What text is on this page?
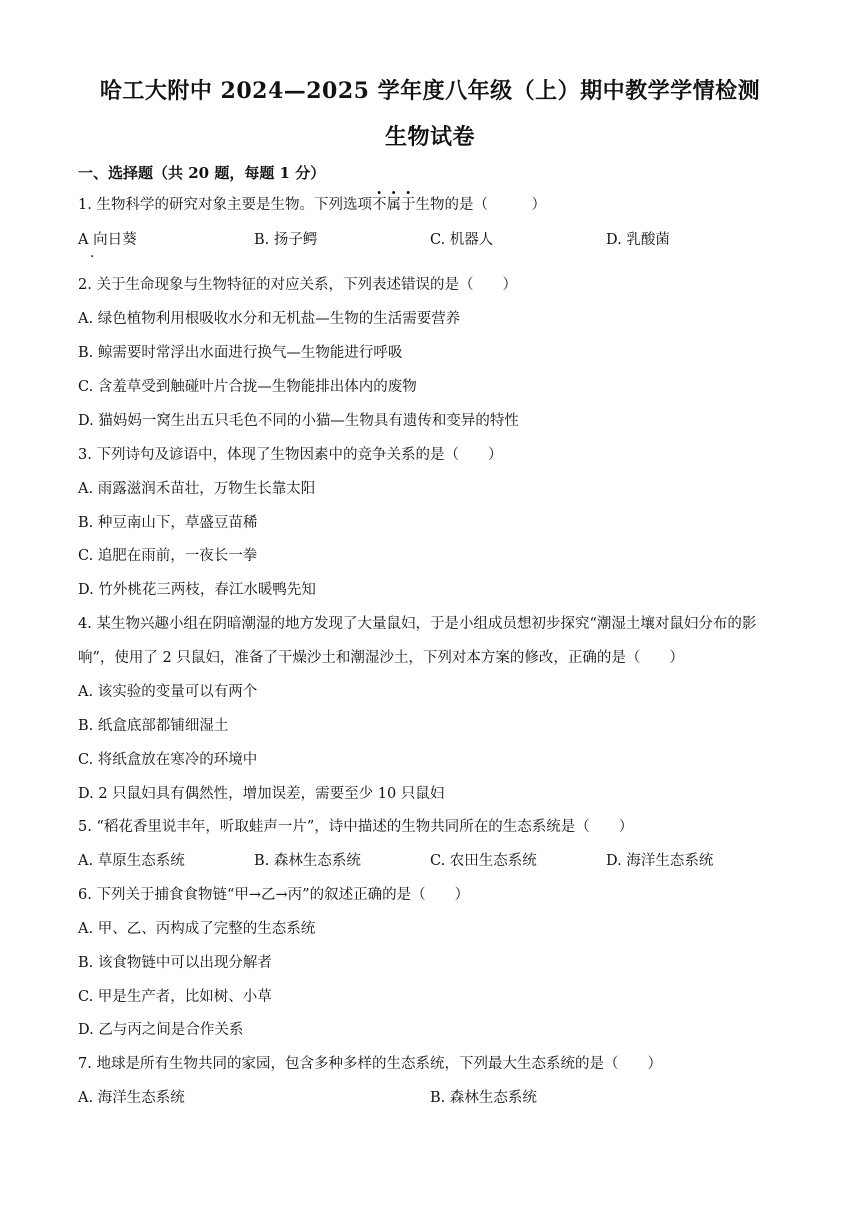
哈工大附中 2024—2025 学年度八年级（上）期中教学学情检测
生物试卷
一、选择题（共 20 题，每题 1 分）
1. 生物科学的研究对象主要是生物。下列选项不属于生物的是（　　　）
A 向日葵	B. 扬子鳄	C. 机器人	D. 乳酸菌
·
2. 关于生命现象与生物特征的对应关系，下列表述错误的是（　　）
A. 绿色植物利用根吸收水分和无机盐—生物的生活需要营养
B. 鲸需要时常浮出水面进行换气—生物能进行呼吸
C. 含羞草受到触碰叶片合拢—生物能排出体内的废物
D. 猫妈妈一窝生出五只毛色不同的小猫—生物具有遗传和变异的特性
3. 下列诗句及谚语中，体现了生物因素中的竞争关系的是（　　）
A. 雨露滋润禾苗壮，万物生长靠太阳
B. 种豆南山下，草盛豆苗稀
C. 追肥在雨前，一夜长一拳
D. 竹外桃花三两枝，春江水暖鸭先知
4. 某生物兴趣小组在阴暗潮湿的地方发现了大量鼠妇，于是小组成员想初步探究“潮湿土壤对鼠妇分布的影
响”，使用了 2 只鼠妇，准备了干燥沙土和潮湿沙土，下列对本方案的修改，正确的是（　　）
A. 该实验的变量可以有两个
B. 纸盒底部都铺细湿土
C. 将纸盒放在寒冷的环境中
D. 2 只鼠妇具有偶然性，增加误差，需要至少 10 只鼠妇
5. “稻花香里说丰年，听取蛙声一片”，诗中描述的生物共同所在的生态系统是（　　）
A. 草原生态系统	B. 森林生态系统	C. 农田生态系统	D. 海洋生态系统
6. 下列关于捕食食物链“甲→乙→丙”的叙述正确的是（　　）
A. 甲、乙、丙构成了完整的生态系统
B. 该食物链中可以出现分解者
C. 甲是生产者，比如树、小草
D. 乙与丙之间是合作关系
7. 地球是所有生物共同的家园，包含多种多样的生态系统，下列最大生态系统的是（　　）
A. 海洋生态系统	B. 森林生态系统
